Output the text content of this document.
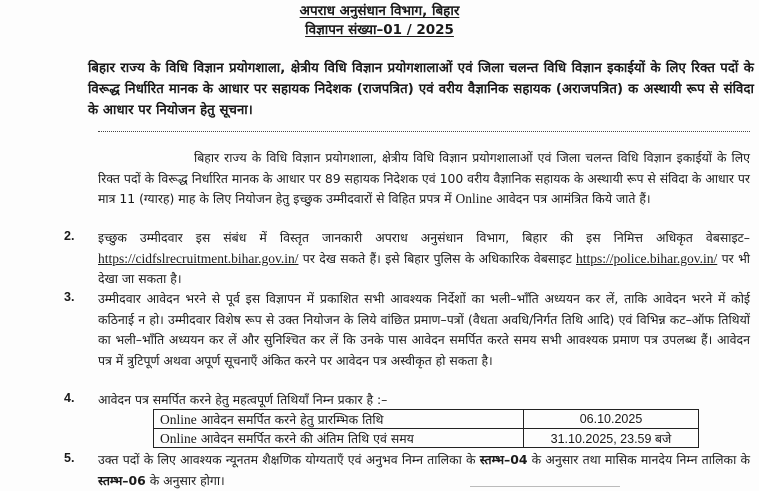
अपराध अनुसंधान विभाग, बिहार
विज्ञापन संख्या–01 / 2025
बिहार राज्य के विधि विज्ञान प्रयोगशाला, क्षेत्रीय विधि विज्ञान प्रयोगशालाओं एवं जिला चलन्त विधि विज्ञान इकाईयों के लिए रिक्त पदों के विरूद्ध निर्धारित मानक के आधार पर सहायक निदेशक (राजपत्रित) एवं वरीय वैज्ञानिक सहायक (अराजपत्रित) क अस्थायी रूप से संविदा के आधार पर नियोजन हेतु सूचना।
बिहार राज्य के विधि विज्ञान प्रयोगशाला, क्षेत्रीय विधि विज्ञान प्रयोगशालाओं एवं जिला चलन्त विधि विज्ञान इकाईयों के लिए रिक्त पदों के विरूद्ध निर्धारित मानक के आधार पर 89 सहायक निदेशक एवं 100 वरीय वैज्ञानिक सहायक के अस्थायी रूप से संविदा के आधार पर मात्र 11 (ग्यारह) माह के लिए नियोजन हेतु इच्छुक उम्मीदवारों से विहित प्रपत्र में Online आवेदन पत्र आमंत्रित किये जाते हैं।
2. इच्छुक उम्मीदवार इस संबंध में विस्तृत जानकारी अपराध अनुसंधान विभाग, बिहार की इस निमित्त अधिकृत वेबसाइट– https://cidfslrecruitment.bihar.gov.in/ पर देख सकते हैं। इसे बिहार पुलिस के अधिकारिक वेबसाइट https://police.bihar.gov.in/ पर भी देखा जा सकता है।
3. उम्मीदवार आवेदन भरने से पूर्व इस विज्ञापन में प्रकाशित सभी आवश्यक निर्देशों का भली–भाँति अध्ययन कर लें, ताकि आवेदन भरने में कोई कठिनाई न हो। उम्मीदवार विशेष रूप से उक्त नियोजन के लिये वांछित प्रमाण–पत्रों (वैधता अवधि/निर्गत तिथि आदि) एवं विभिन्न कट–ऑफ तिथियों का भली–भाँति अध्ययन कर लें और सुनिश्चित कर लें कि उनके पास आवेदन समर्पित करते समय सभी आवश्यक प्रमाण पत्र उपलब्ध हैं। आवेदन पत्र में त्रुटिपूर्ण अथवा अपूर्ण सूचनाएँ अंकित करने पर आवेदन पत्र अस्वीकृत हो सकता है।
4. आवेदन पत्र समर्पित करने हेतु महत्वपूर्ण तिथियाँ निम्न प्रकार है :–
Online आवेदन समर्पित करने हेतु प्रारम्भिक तिथि	06.10.2025
Online आवेदन समर्पित करने की अंतिम तिथि एवं समय	31.10.2025, 23.59 बजे
5. उक्त पदों के लिए आवश्यक न्यूनतम शैक्षणिक योग्यताएँ एवं अनुभव निम्न तालिका के स्तम्भ–04 के अनुसार तथा मासिक मानदेय निम्न तालिका के स्तम्भ–06 के अनुसार होगा।
